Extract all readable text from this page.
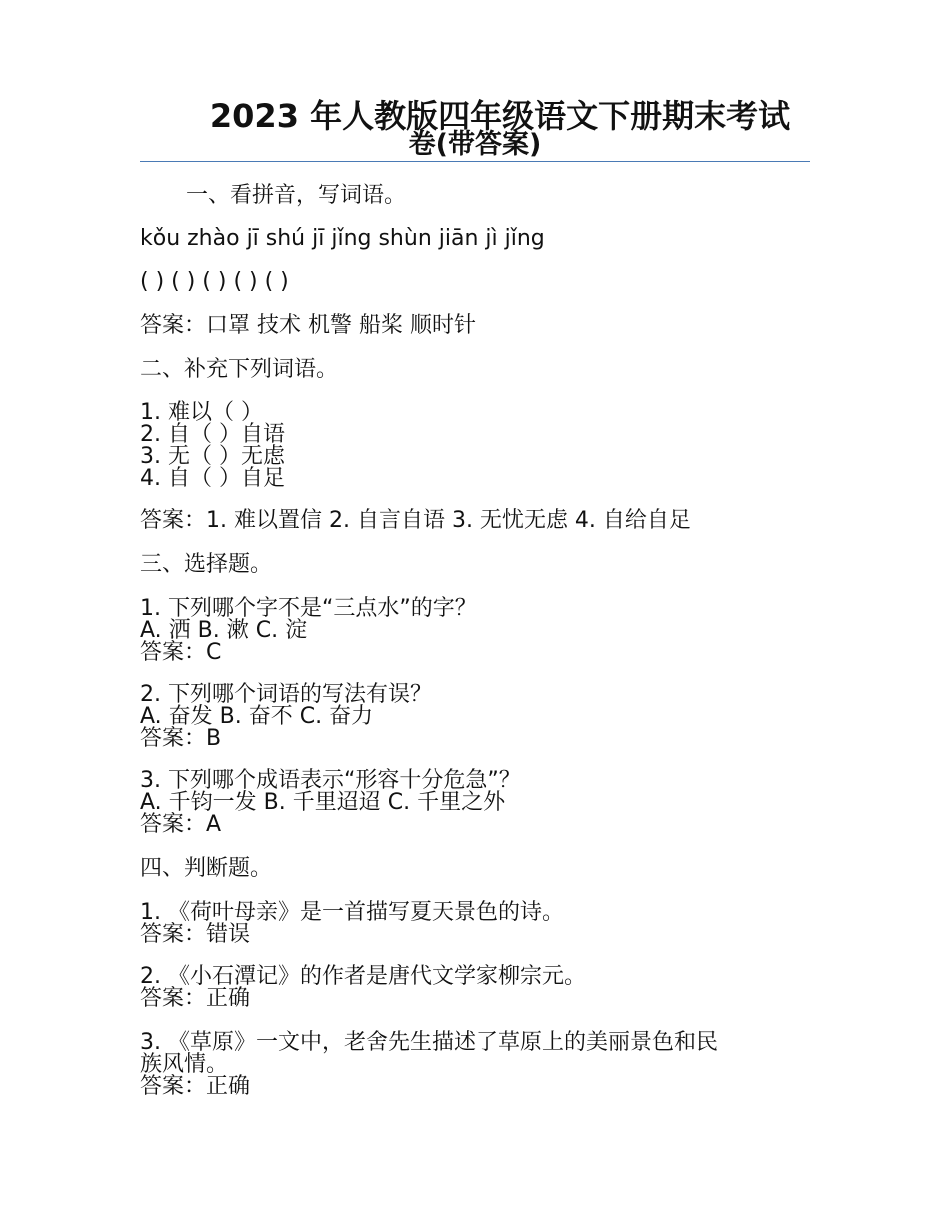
2023 年人教版四年级语文下册期末考试
卷(带答案)
一、看拼音，写词语。
kǒu zhào jī shú jī jǐng shùn jiān jì jǐng
( ) ( ) ( ) ( ) ( )
答案：口罩 技术 机警 船桨 顺时针
二、补充下列词语。
1. 难以（ ）
2. 自（ ）自语
3. 无（ ）无虑
4. 自（ ）自足
答案：1. 难以置信 2. 自言自语 3. 无忧无虑 4. 自给自足
三、选择题。
1. 下列哪个字不是“三点水”的字？
A. 洒 B. 漱 C. 淀
答案：C
2. 下列哪个词语的写法有误？
A. 奋发 B. 奋不 C. 奋力
答案：B
3. 下列哪个成语表示“形容十分危急”？
A. 千钧一发 B. 千里迢迢 C. 千里之外
答案：A
四、判断题。
1. 《荷叶母亲》是一首描写夏天景色的诗。
答案：错误
2. 《小石潭记》的作者是唐代文学家柳宗元。
答案：正确
3. 《草原》一文中，老舍先生描述了草原上的美丽景色和民
族风情。
答案：正确
